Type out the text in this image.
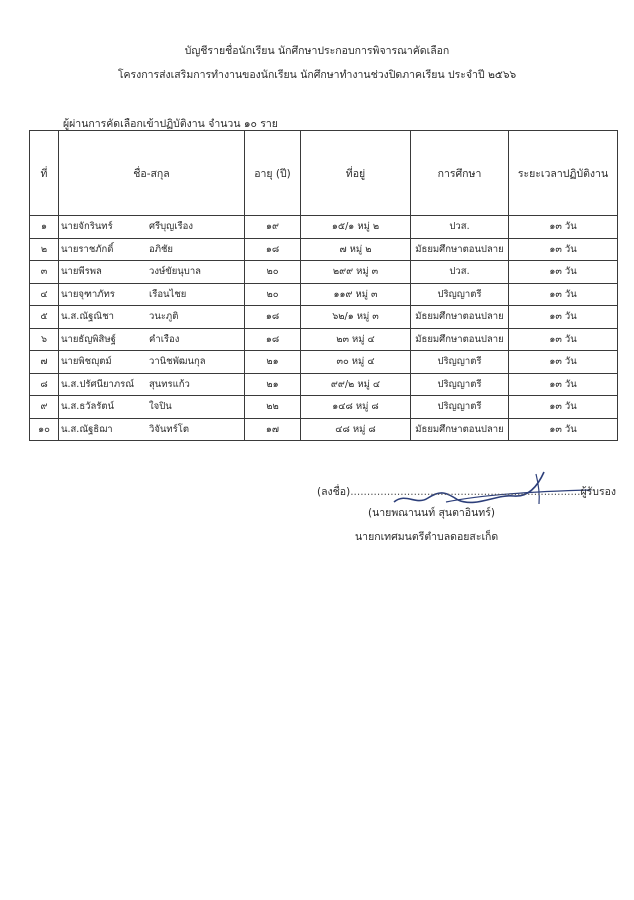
บัญชีรายชื่อนักเรียน นักศึกษาประกอบการพิจารณาคัดเลือก
โครงการส่งเสริมการทำงานของนักเรียน นักศึกษาทำงานช่วงปิดภาคเรียน ประจำปี ๒๕๖๖
ผู้ผ่านการคัดเลือกเข้าปฏิบัติงาน จำนวน ๑๐ ราย
ที่	ชื่อ-สกุล	อายุ (ปี)	ที่อยู่	การศึกษา	ระยะเวลาปฏิบัติงาน
๑	นายจักรินทร์ ศรีบุญเรือง	๑๙	๑๕/๑ หมู่ ๒	ปวส.	๑๓ วัน
๒	นายราชภักดิ์ อภิชัย	๑๘	๗ หมู่ ๒	มัธยมศึกษาตอนปลาย	๑๓ วัน
๓	นายพีรพล วงษ์ขัยนุบาล	๒๐	๒๙๙ หมู่ ๓	ปวส.	๑๓ วัน
๔	นายจุฑาภัทร เรือนไชย	๒๐	๑๑๙ หมู่ ๓	ปริญญาตรี	๑๓ วัน
๕	น.ส.ณัฐณิชา วนะภูติ	๑๘	๖๒/๑ หมู่ ๓	มัธยมศึกษาตอนปลาย	๑๓ วัน
๖	นายธัญพิสิษฐ์ คำเรือง	๑๘	๒๓ หมู่ ๔	มัธยมศึกษาตอนปลาย	๑๓ วัน
๗	นายพิชญุตม์ วานิชพัฒนกุล	๒๑	๓๐ หมู่ ๔	ปริญญาตรี	๑๓ วัน
๘	น.ส.ปรัศนียาภรณ์ สุนทรแก้ว	๒๑	๙๙/๒ หมู่ ๔	ปริญญาตรี	๑๓ วัน
๙	น.ส.ธวัลรัตน์ ใจปิน	๒๒	๑๔๘ หมู่ ๘	ปริญญาตรี	๑๓ วัน
๑๐	น.ส.ณัฐธิฌา วิจันทร์โต	๑๗	๔๘ หมู่ ๘	มัธยมศึกษาตอนปลาย	๑๓ วัน
(ลงชื่อ).....................................................................ผู้รับรอง
(นายพณานนท์ สุนตาอินทร์)
นายกเทศมนตรีตำบลดอยสะเก็ด
